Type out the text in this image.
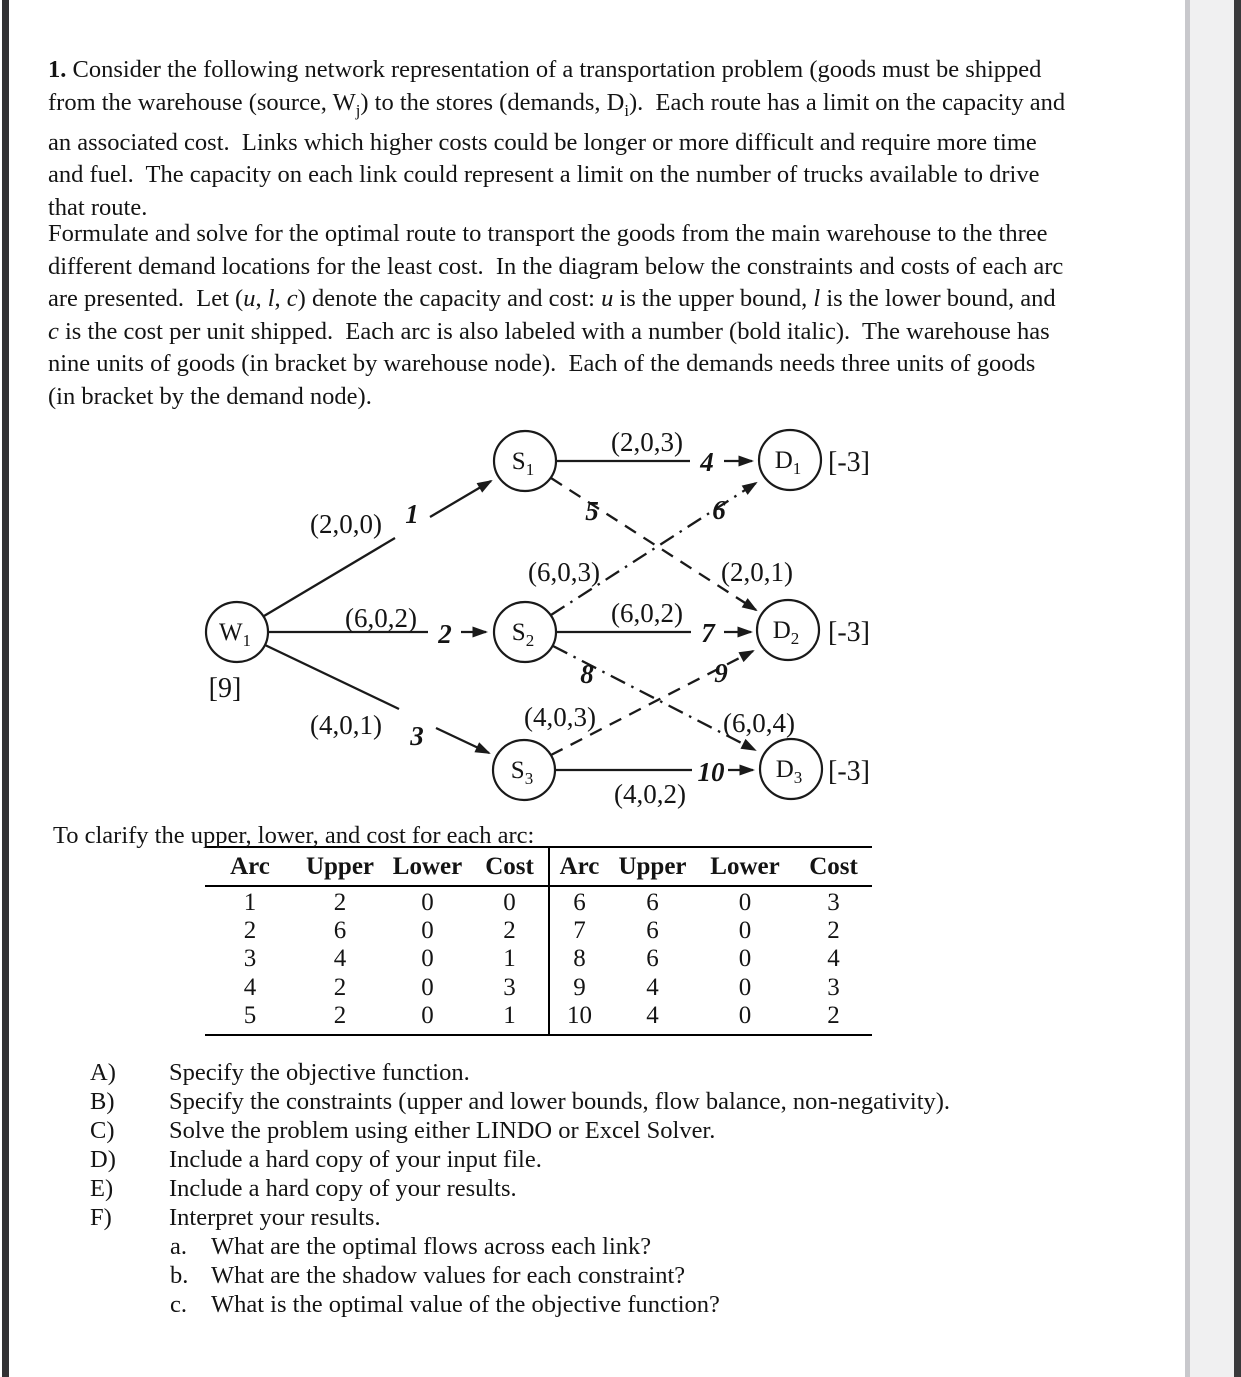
1. Consider the following network representation of a transportation problem (goods must be shipped from the warehouse (source, $W_j$) to the stores (demands, $D_i$).  Each route has a limit on the capacity and an associated cost.  Links which higher costs could be longer or more difficult and require more time and fuel.  The capacity on each link could represent a limit on the number of trucks available to drive that route.
Formulate and solve for the optimal route to transport the goods from the main warehouse to the three different demand locations for the least cost.  In the diagram below the constraints and costs of each arc are presented.  Let (u, l, c) denote the capacity and cost: u is the upper bound, l is the lower bound, and c is the cost per unit shipped.  Each arc is also labeled with a number (bold italic).  The warehouse has nine units of goods (in bracket by warehouse node).  Each of the demands needs three units of goods (in bracket by the demand node).
$W_1$
$S_1$
$S_2$
$S_3$
$D_1$
$D_2$
$D_3$
[9]
[-3]
[-3]
[-3]
(2,0,0)
(6,0,2)
(4,0,1)
(2,0,3)
(2,0,1)
(6,0,3)
(6,0,2)
(6,0,4)
(4,0,3)
(4,0,2)
1
2
3
4
5	6
7
8	9
10
To clarify the upper, lower, and cost for each arc:
Arc	Upper Lower Cost	Arc Upper Lower	Cost
1	2	0	0	6	6	0	3
2	6	0	2	7	6	0	2
3	4	0	1	8	6	0	4
4	2	0	3	9	4	0	3
5	2	0	1	10	4	0	2
A)	Specify the objective function.
B)	Specify the constraints (upper and lower bounds, flow balance, non-negativity).
C)	Solve the problem using either LINDO or Excel Solver.
D)	Include a hard copy of your input file.
E)	Include a hard copy of your results.
F)	Interpret your results.
a. What are the optimal flows across each link?
b. What are the shadow values for each constraint?
c. What is the optimal value of the objective function?
